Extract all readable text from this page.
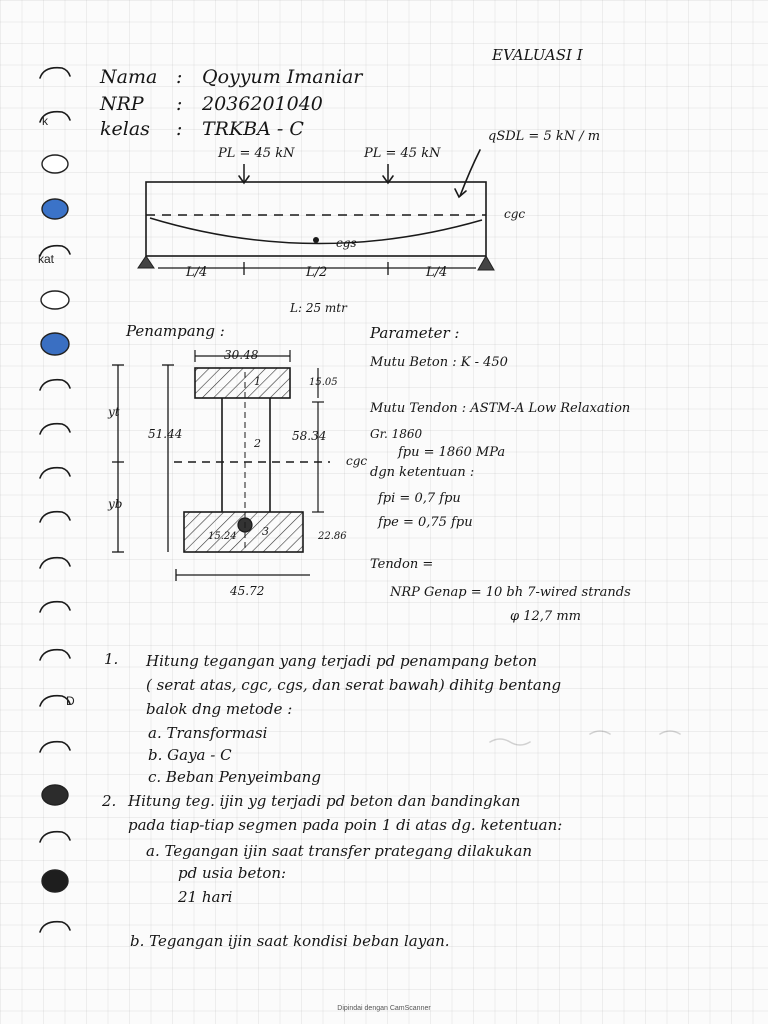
k
kat
D
EVALUASI I
Nama : Qoyyum Imaniar
NRP : 2036201040
kelas : TRKBA - C
PL = 45 kN	PL = 45 kN
qSDL = 5 kN / m
cgc
cgs
L/4	L/2	L/4
L: 25 mtr
Penampang :
30.48
15.05
yt
51.44
yb
58.34
22.86
45.72
15.24
1
2
3
cgc
Parameter :
Mutu Beton : K - 450
Mutu Tendon : ASTM-A Low Relaxation
Gr. 1860
fpu = 1860 MPa
dgn ketentuan :
fpi = 0,7 fpu
fpe = 0,75 fpu
Tendon =
NRP Genap = 10 bh 7-wired strands
φ 12,7 mm
1. Hitung tegangan yang terjadi pd penampang beton
( serat atas, cgc, cgs, dan serat bawah) dihitg bentang
balok dng metode :
a. Transformasi
b. Gaya - C
c. Beban Penyeimbang
2. Hitung teg. ijin yg terjadi pd beton dan bandingkan
pada tiap-tiap segmen pada poin 1 di atas dg. ketentuan:
a. Tegangan ijin saat transfer prategang dilakukan
pd usia beton:
21 hari
b. Tegangan ijin saat kondisi beban layan.
Dipindai dengan CamScanner
